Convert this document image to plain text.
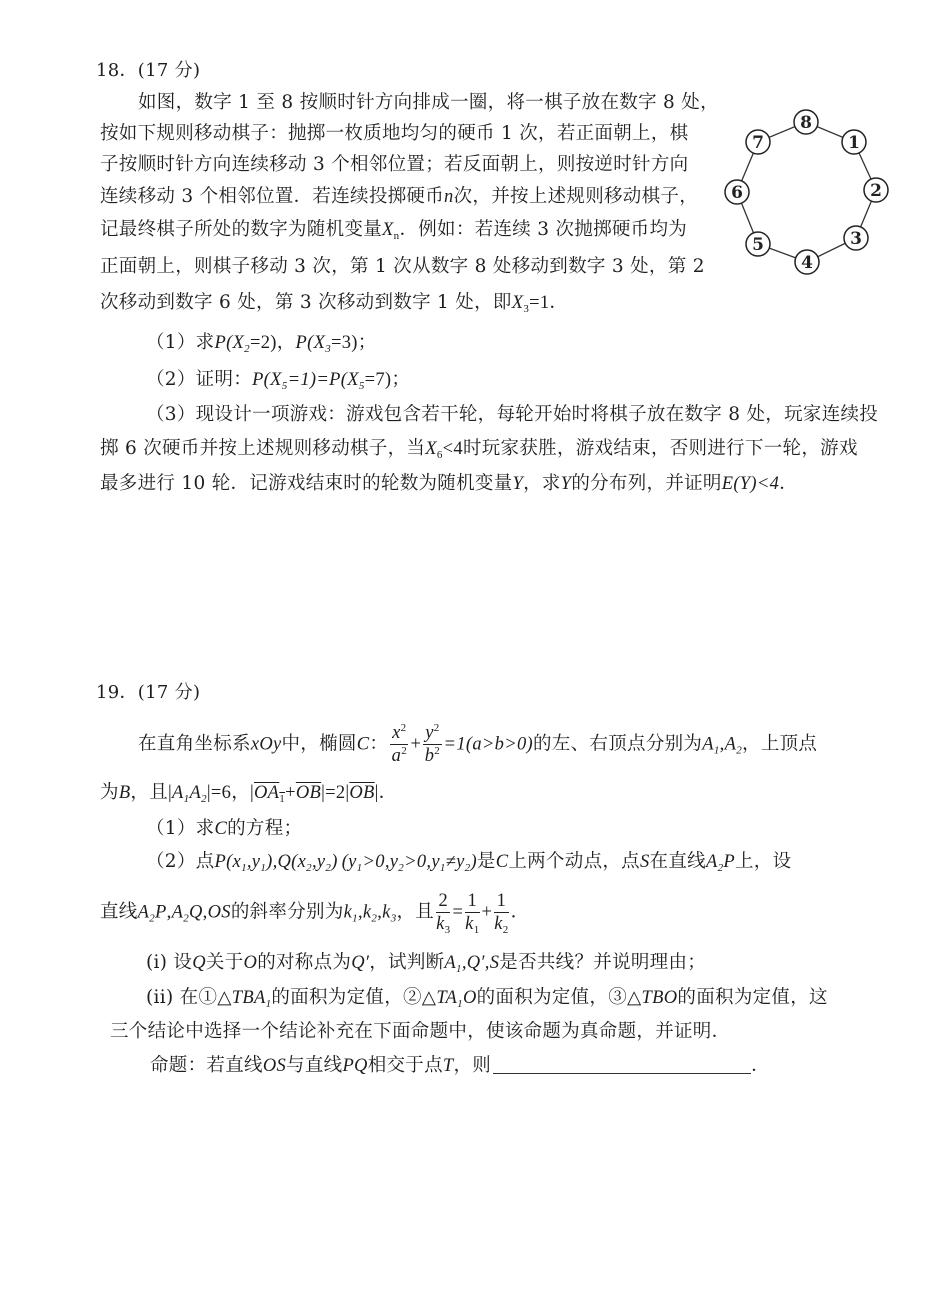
18．(17 分)
如图，数字 1 至 8 按顺时针方向排成一圈，将一棋子放在数字 8 处，
按如下规则移动棋子：抛掷一枚质地均匀的硬币 1 次，若正面朝上，棋
子按顺时针方向连续移动 3 个相邻位置；若反面朝上，则按逆时针方向
连续移动 3 个相邻位置．若连续投掷硬币n次，并按上述规则移动棋子，
记最终棋子所处的数字为随机变量$X_n$．例如：若连续 3 次抛掷硬币均为
正面朝上，则棋子移动 3 次，第 1 次从数字 8 处移动到数字 3 处，第 2
次移动到数字 6 处，第 3 次移动到数字 1 处，即$X_3=1$．
8
1
2
3
4
5
6
7
（1）求$P(X_2=2)$，$P(X_3=3)$；
（2）证明：$P(X_5=1)=P(X_5=7)$；
（3）现设计一项游戏：游戏包含若干轮，每轮开始时将棋子放在数字 8 处，玩家连续投
掷 6 次硬币并按上述规则移动棋子，当$X_6<4$时玩家获胜，游戏结束，否则进行下一轮，游戏
最多进行 10 轮．记游戏结束时的轮数为随机变量Y，求Y的分布列，并证明E(Y)<4．
19．(17 分)
在直角坐标系xOy中，椭圆C： $\frac{x^2}{a^2} + \frac{y^2}{b^2} =1(a>b>0)$的左、右顶点分别为$A_1,A_2$，上顶点
为B，且$|A_1A_2|=6$，$|OA_1+\overline{OB}|=2|\overline{OB}|$．
（1）求C的方程；
（2）点$P(x_1,y_1),Q(x_2,y_2)$  $(y_1>0,y_2>0,y_1\ne y_2)$是C上两个动点，点S在直线$A_2P$上，设
直线$A_2P,A_2Q,OS$的斜率分别为$k_1,k_2,k_3$，且 $\frac{2}{k_3} = \frac{1}{k_1} + \frac{1}{k_2}$ ．
(i) 设Q关于O的对称点为Q′，试判断$A_1,Q',S$是否共线？并说明理由；
(ii) 在$①\triangle TBA_1$的面积为定值，$②\triangle TA_1O$的面积为定值，③△TBO的面积为定值，这
三个结论中选择一个结论补充在下面命题中，使该命题为真命题，并证明．
命题：若直线OS与直线PQ相交于点T，则	．
